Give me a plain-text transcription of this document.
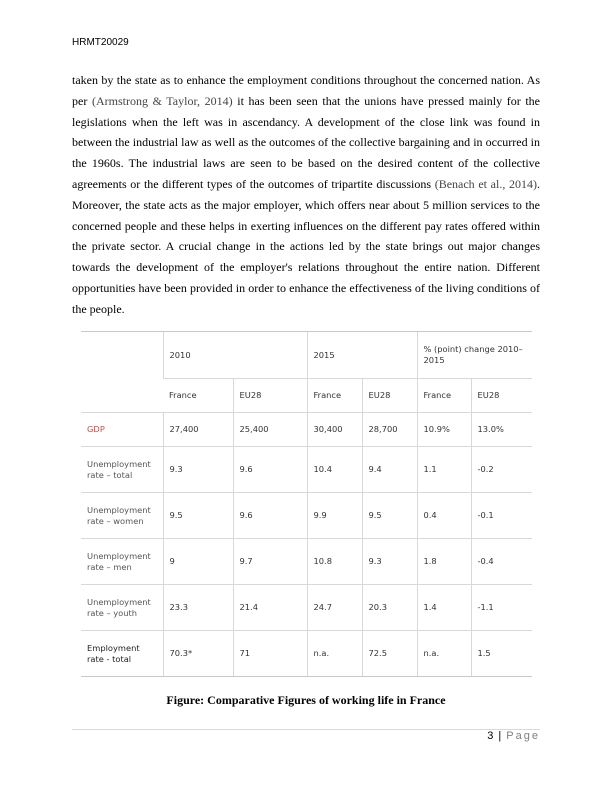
HRMT20029

taken by the state as to enhance the employment conditions throughout the concerned nation. As per (Armstrong & Taylor, 2014) it has been seen that the unions have pressed mainly for the legislations when the left was in ascendancy. A development of the close link was found in between the industrial law as well as the outcomes of the collective bargaining and in occurred in the 1960s. The industrial laws are seen to be based on the desired content of the collective agreements or the different types of the outcomes of tripartite discussions (Benach et al., 2014). Moreover, the state acts as the major employer, which offers near about 5 million services to the concerned people and these helps in exerting influences on the different pay rates offered within the private sector. A crucial change in the actions led by the state brings out major changes towards the development of the employer's relations throughout the entire nation. Different opportunities have been provided in order to enhance the effectiveness of the living conditions of the people.

	2010		2015		% (point) change 2010–2015	
	France	EU28	France	EU28	France	EU28
GDP	27,400	25,400	30,400	28,700	10.9%	13.0%
Unemployment rate – total	9.3	9.6	10.4	9.4	1.1	-0.2
Unemployment rate – women	9.5	9.6	9.9	9.5	0.4	-0.1
Unemployment rate – men	9	9.7	10.8	9.3	1.8	-0.4
Unemployment rate – youth	23.3	21.4	24.7	20.3	1.4	-1.1
Employment rate - total	70.3*	71	n.a.	72.5	n.a.	1.5
Figure: Comparative Figures of working life in France
3 | Page
